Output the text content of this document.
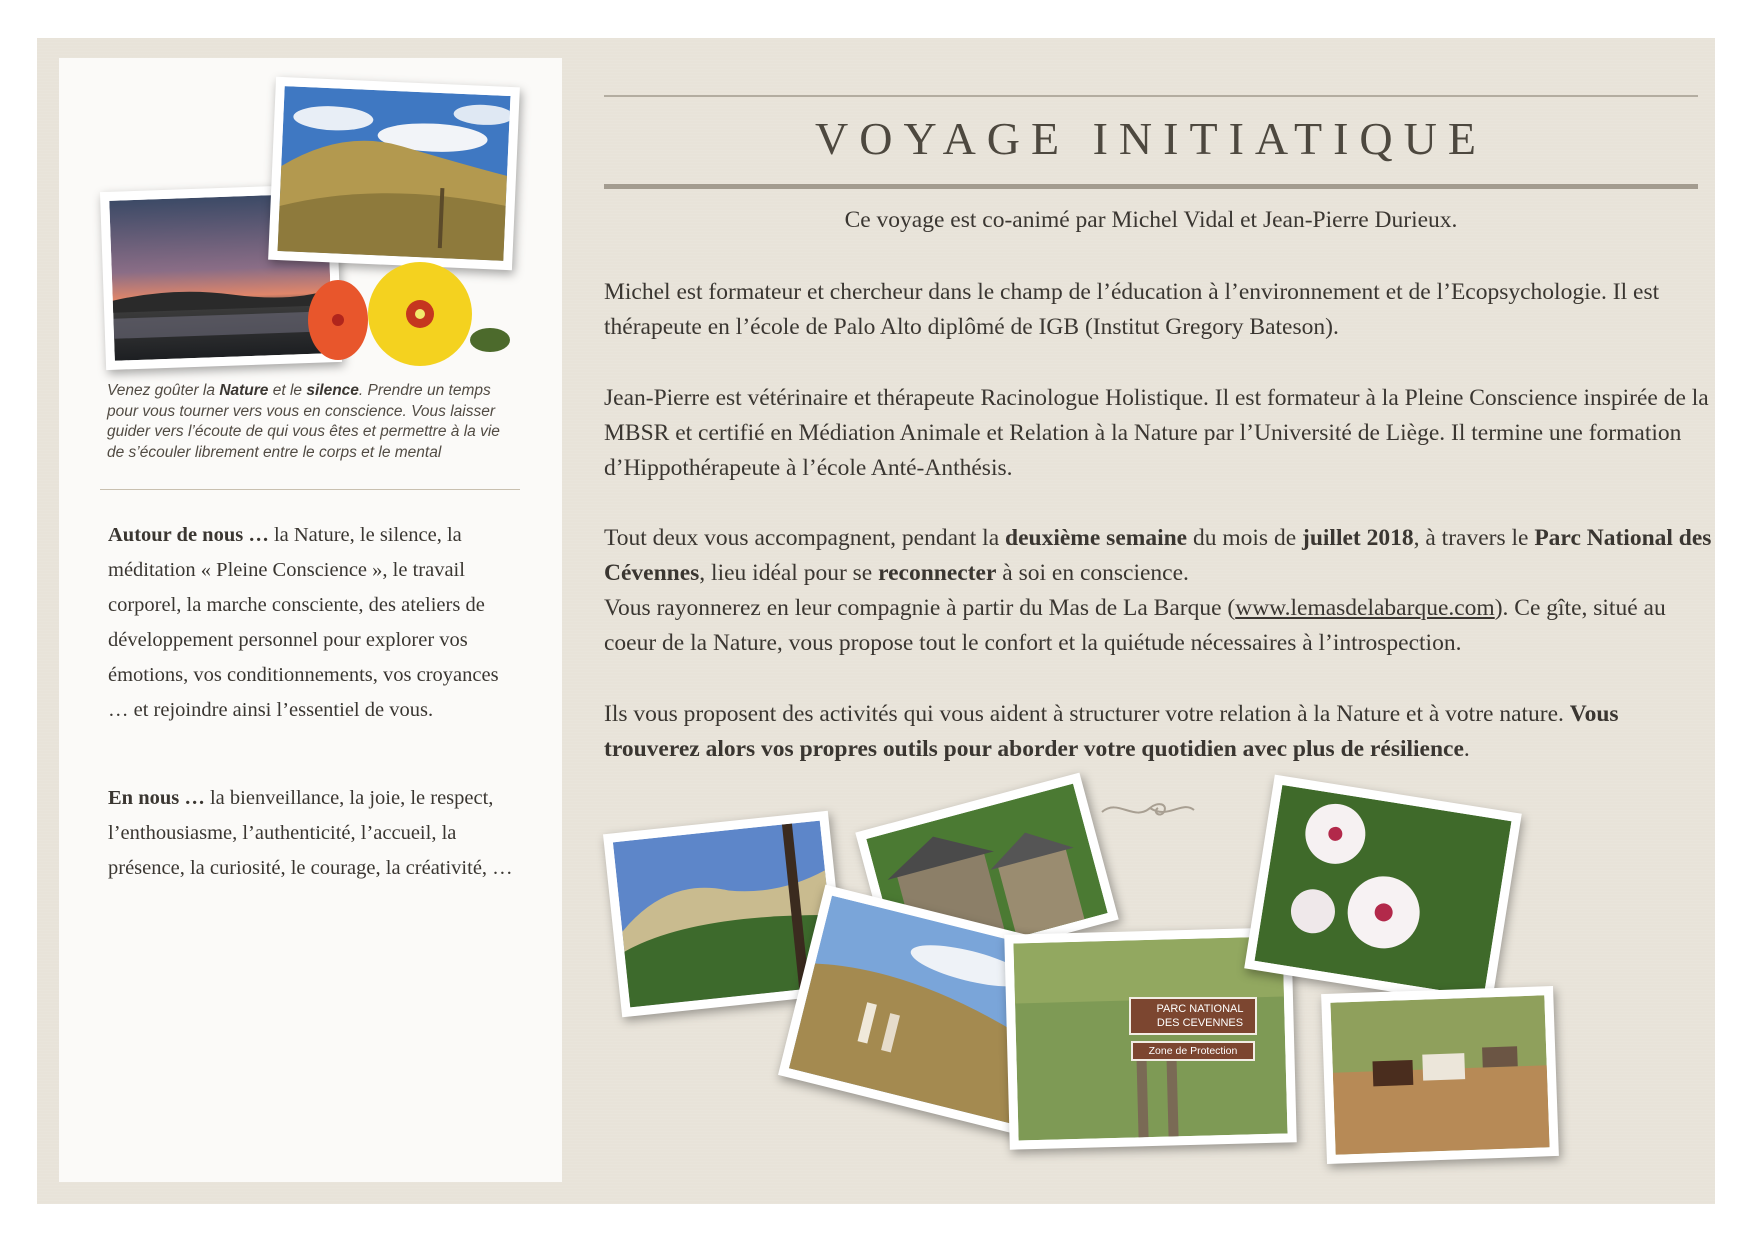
Venez goûter la Nature et le silence. Prendre un temps pour vous tourner vers vous en conscience. Vous laisser guider vers l’écoute de qui vous êtes et permettre à la vie de s’écouler librement entre le corps et le mental
Autour de nous … la Nature, le silence, la méditation « Pleine Conscience », le travail corporel, la marche consciente, des ateliers de développement personnel pour explorer vos émotions, vos conditionnements, vos croyances … et rejoindre ainsi l’essentiel de vous.
En nous … la bienveillance, la joie, le respect, l’enthousiasme, l’authenticité, l’accueil, la présence, la curiosité, le courage, la créativité, …
VOYAGE INITIATIQUE
Ce voyage est co-animé par Michel Vidal et Jean-Pierre Durieux.
Michel est formateur et chercheur dans le champ de l’éducation à l’environnement et de l’Ecopsychologie. Il est thérapeute en l’école de Palo Alto diplômé de IGB (Institut Gregory Bateson).
Jean-Pierre est vétérinaire et thérapeute Racinologue Holistique. Il est formateur à la Pleine Conscience inspirée de la MBSR et certifié en Médiation Animale et Relation à la Nature par l’Université de Liège. Il termine une formation d’Hippothérapeute à l’école Anté-Anthésis.
Tout deux vous accompagnent, pendant la deuxième semaine du mois de juillet 2018, à travers le Parc National des Cévennes, lieu idéal pour se reconnecter à soi en conscience.
Vous rayonnerez en leur compagnie à partir du Mas de La Barque (www.lemasdelabarque.com). Ce gîte, situé au coeur de la Nature, vous propose tout le confort et la quiétude nécessaires à l’introspection.
Ils vous proposent des activités qui vous aident à structurer votre relation à la Nature et à votre nature. Vous trouverez alors vos propres outils pour aborder votre quotidien avec plus de résilience.
PARC NATIONAL
DES CEVENNES
Zone de Protection
